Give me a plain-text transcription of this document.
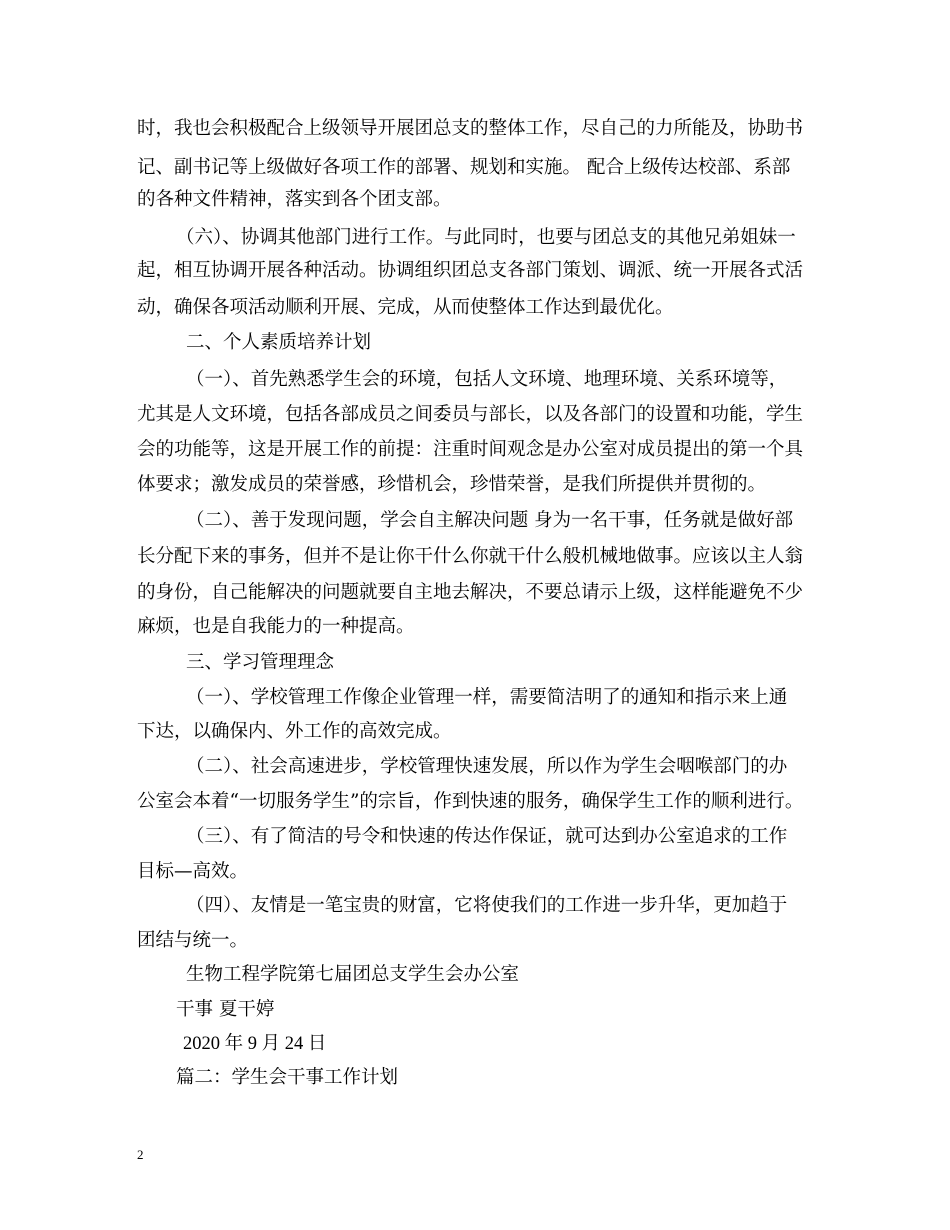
时，我也会积极配合上级领导开展团总支的整体工作，尽自己的力所能及，协助书
记、副书记等上级做好各项工作的部署、规划和实施。 配合上级传达校部、系部
的各种文件精神，落实到各个团支部。
（六）、协调其他部门进行工作。与此同时，也要与团总支的其他兄弟姐妹一
起，相互协调开展各种活动。协调组织团总支各部门策划、调派、统一开展各式活
动，确保各项活动顺利开展、完成，从而使整体工作达到最优化。
二、个人素质培养计划
（一）、首先熟悉学生会的环境，包括人文环境、地理环境、关系环境等，
尤其是人文环境，包括各部成员之间委员与部长，以及各部门的设置和功能，学生
会的功能等，这是开展工作的前提：注重时间观念是办公室对成员提出的第一个具
体要求；激发成员的荣誉感，珍惜机会，珍惜荣誉，是我们所提供并贯彻的。
（二）、善于发现问题，学会自主解决问题 身为一名干事，任务就是做好部
长分配下来的事务，但并不是让你干什么你就干什么般机械地做事。应该以主人翁
的身份，自己能解决的问题就要自主地去解决，不要总请示上级，这样能避免不少
麻烦，也是自我能力的一种提高。
三、学习管理理念
（一）、学校管理工作像企业管理一样，需要简洁明了的通知和指示来上通
下达，以确保内、外工作的高效完成。
（二）、社会高速进步，学校管理快速发展，所以作为学生会咽喉部门的办
公室会本着“一切服务学生”的宗旨，作到快速的服务，确保学生工作的顺利进行。
（三）、有了简洁的号令和快速的传达作保证，就可达到办公室追求的工作
目标—高效。
（四）、友情是一笔宝贵的财富，它将使我们的工作进一步升华，更加趋于
团结与统一。
生物工程学院第七届团总支学生会办公室
干事 夏干婷
2020 年 9 月 24 日
篇二：学生会干事工作计划
2
